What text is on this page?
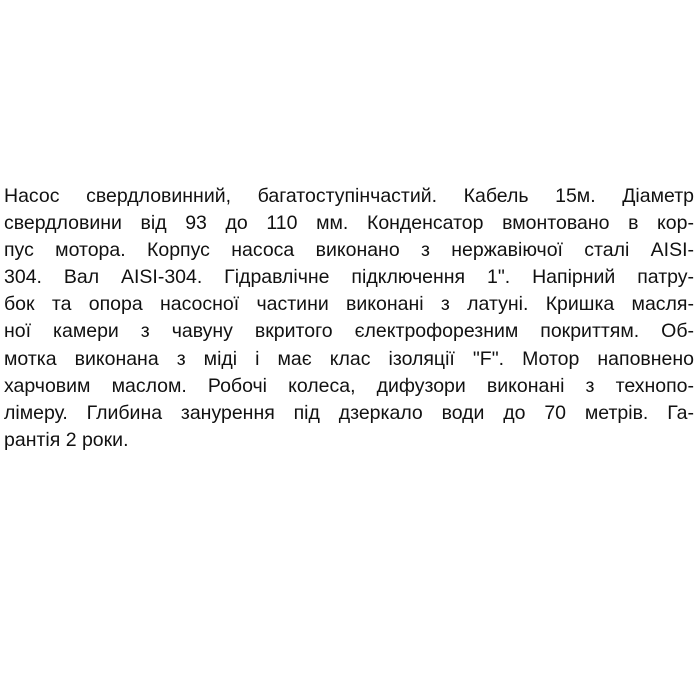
Насос свердловинний, багатоступінчастий. Кабель 15м. Діаметр
свердловини від 93 до 110 мм. Конденсатор вмонтовано в кор-
пус мотора. Корпус насоса виконано з нержавіючої сталі AISI-
304. Вал AISI-304. Гідравлічне підключення 1". Напірний патру-
бок та опора насосної частини виконані з латуні. Кришка масля-
ної камери з чавуну вкритого єлектрофорезним покриттям. Об-
мотка виконана з міді і має клас ізоляції "F". Мотор наповнено
харчовим маслом. Робочі колеса, дифузори виконані з технопо-
лімеру. Глибина занурення під дзеркало води до 70 метрів. Га-
рантія 2 роки.
